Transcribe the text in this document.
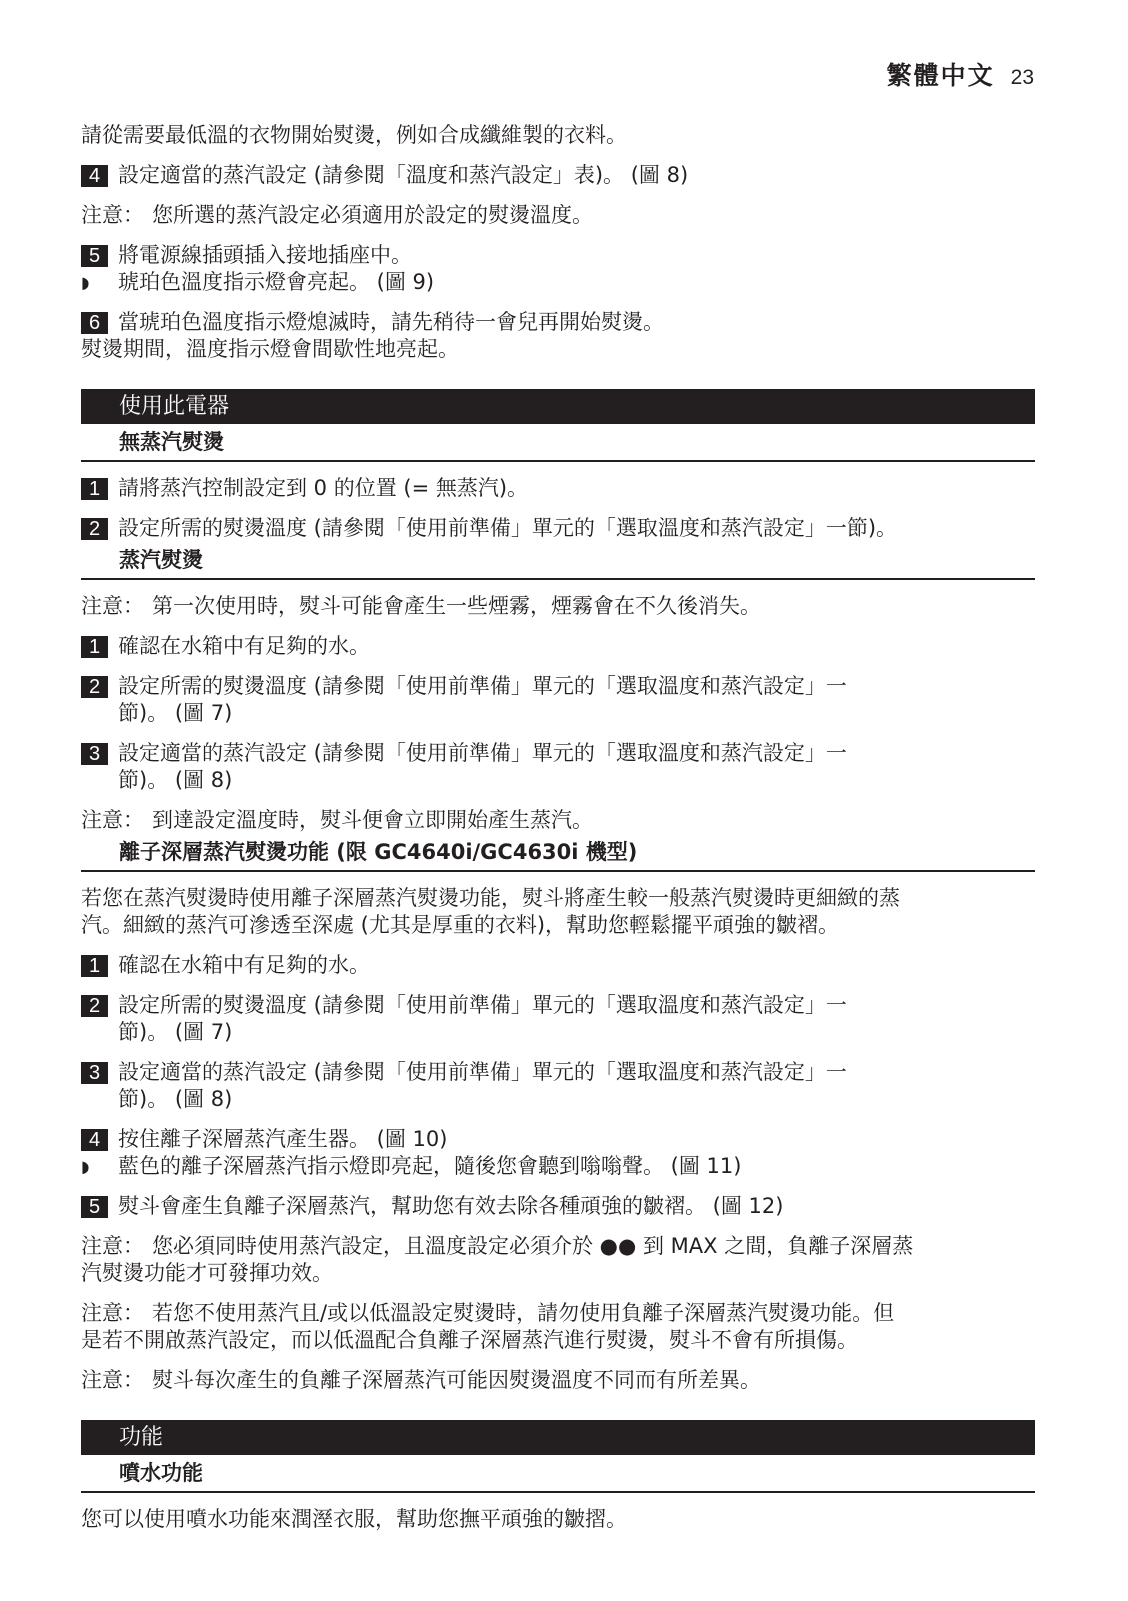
繁體中文 23

請從需要最低溫的衣物開始熨燙，例如合成纖維製的衣料。

4 設定適當的蒸汽設定 (請參閱「溫度和蒸汽設定」表)。 (圖 8)

注意： 您所選的蒸汽設定必須適用於設定的熨燙溫度。

5 將電源線插頭插入接地插座中。
◗	琥珀色溫度指示燈會亮起。 (圖 9)
6 當琥珀色溫度指示燈熄滅時，請先稍待一會兒再開始熨燙。

熨燙期間，溫度指示燈會間歇性地亮起。

使用此電器
無蒸汽熨燙
1 請將蒸汽控制設定到 0 的位置 (= 無蒸汽)。
2 設定所需的熨燙溫度 (請參閱「使用前準備」單元的「選取溫度和蒸汽設定」一節)。
蒸汽熨燙

注意： 第一次使用時，熨斗可能會產生一些煙霧，煙霧會在不久後消失。

1 確認在水箱中有足夠的水。
2 設定所需的熨燙溫度 (請參閱「使用前準備」單元的「選取溫度和蒸汽設定」一
節)。 (圖 7)
3 設定適當的蒸汽設定 (請參閱「使用前準備」單元的「選取溫度和蒸汽設定」一
節)。 (圖 8)

注意： 到達設定溫度時，熨斗便會立即開始產生蒸汽。

離子深層蒸汽熨燙功能 (限 GC4640i/GC4630i 機型)

若您在蒸汽熨燙時使用離子深層蒸汽熨燙功能，熨斗將產生較一般蒸汽熨燙時更細緻的蒸
汽。細緻的蒸汽可滲透至深處 (尤其是厚重的衣料)，幫助您輕鬆擺平頑強的皺褶。

1 確認在水箱中有足夠的水。
2 設定所需的熨燙溫度 (請參閱「使用前準備」單元的「選取溫度和蒸汽設定」一
節)。 (圖 7)
3 設定適當的蒸汽設定 (請參閱「使用前準備」單元的「選取溫度和蒸汽設定」一
節)。 (圖 8)
4 按住離子深層蒸汽產生器。 (圖 10)
◗	藍色的離子深層蒸汽指示燈即亮起，隨後您會聽到嗡嗡聲。 (圖 11)
5 熨斗會產生負離子深層蒸汽，幫助您有效去除各種頑強的皺褶。 (圖 12)

注意： 您必須同時使用蒸汽設定，且溫度設定必須介於 ●● 到 MAX 之間，負離子深層蒸
汽熨燙功能才可發揮功效。

注意： 若您不使用蒸汽且/或以低溫設定熨燙時，請勿使用負離子深層蒸汽熨燙功能。但
是若不開啟蒸汽設定，而以低溫配合負離子深層蒸汽進行熨燙，熨斗不會有所損傷。

注意： 熨斗每次產生的負離子深層蒸汽可能因熨燙溫度不同而有所差異。

功能
噴水功能

您可以使用噴水功能來潤溼衣服，幫助您撫平頑強的皺摺。
